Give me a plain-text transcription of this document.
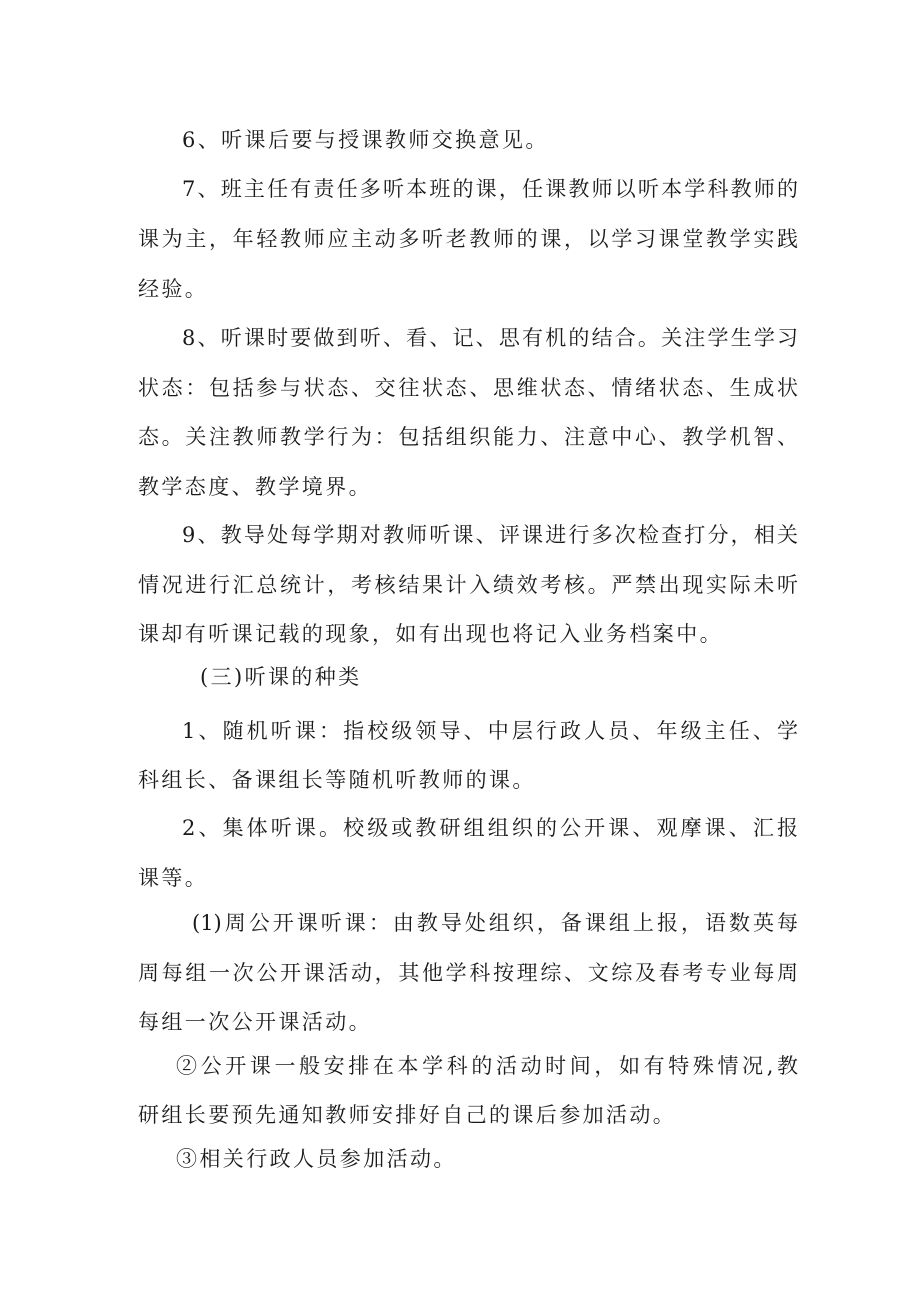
6、听课后要与授课教师交换意见。

7、班主任有责任多听本班的课，任课教师以听本学科教师的

课为主，年轻教师应主动多听老教师的课，以学习课堂教学实践

经验。

8、听课时要做到听、看、记、思有机的结合。关注学生学习

状态：包括参与状态、交往状态、思维状态、情绪状态、生成状

态。关注教师教学行为：包括组织能力、注意中心、教学机智、

教学态度、教学境界。

9、教导处每学期对教师听课、评课进行多次检查打分，相关

情况进行汇总统计，考核结果计入绩效考核。严禁出现实际未听

课却有听课记载的现象，如有出现也将记入业务档案中。

(三)听课的种类

1、随机听课：指校级领导、中层行政人员、年级主任、学

科组长、备课组长等随机听教师的课。

2、集体听课。校级或教研组组织的公开课、观摩课、汇报

课等。

(1)周公开课听课：由教导处组织，备课组上报，语数英每

周每组一次公开课活动，其他学科按理综、文综及春考专业每周

每组一次公开课活动。

②公开课一般安排在本学科的活动时间，如有特殊情况,教

研组长要预先通知教师安排好自己的课后参加活动。

③相关行政人员参加活动。
